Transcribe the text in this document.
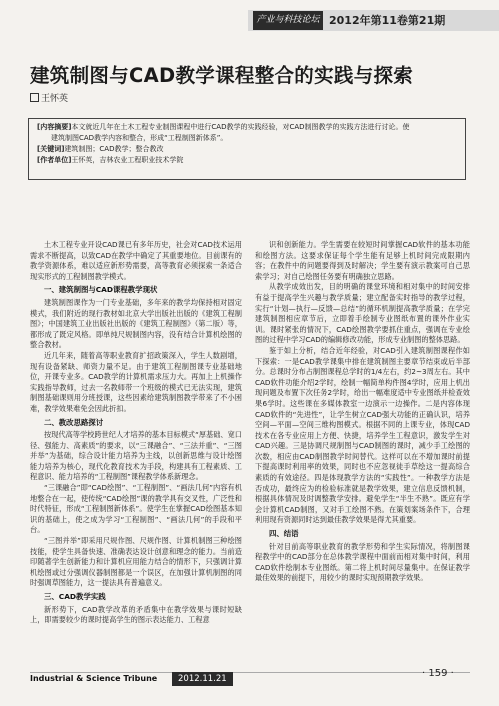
产业与科技论坛 2012年第11卷第21期
建筑制图与CAD教学课程整合的实践与探索
王怀英

[内容摘要]本文就近几年在土木工程专业制图课程中进行CAD教学的实践经验，对CAD制图教学的实践方法进行讨论。使

建筑制图CAD教学内容和整合，形成“工程制图新体系”。

[关键词]建筑制图；CAD教学；整合教改

[作者单位]王怀英，吉林农业工程职业技术学院

土木工程专业开设CAD课已有多年历史，社会对CAD技术运用需求不断提高，以致CAD在教学中确定了其重要地位。目前课有的教学资源体系，难以适应新形势需要，高等教育必须探索一条适合现实形式的工程制图教学模式。

一、建筑制图与CAD课程教学现状

建筑制图课作为一门专业基础，多年来的教学均保持相对固定模式，我们附近的现行教材如北京大学出版社出版的《建筑工程制图》；中国建筑工业出版社出版的《建筑工程制图》（第二版）等，都形成了既定风格。即单纯尺规制图内容，没有结合计算机绘图的整合教材。

近几年来，随着高等职业教育扩招政策深入，学生人数剧增，现有设备紧缺、师资力量不足。由于建筑工程制图课专业基础地位，开课专业多。CAD教学的计算机需求压力大。再加上上机操作实践指导教师，过去一名教师带一个班级的模式已无法实现，建筑制图基础课则用分班授课，这些因素给建筑制图教学带来了不小困难，教学效果难免会因此折扣。

二、教改思路探讨

按现代高等学校跨世纪人才培养的基本目标模式“厚基础、宽口径、强能力、高素质”的要求，以“三课融合”、“三法并重”、“三图并举”为基础，综合设计能力培养为主线，以创新思维与设计绘图能力培养为核心，现代化教育技术为手段，构建具有工程素质、工程意识、能力培养的“工程制图”课程教学体系新理念。

“三课融合”即“CAD绘图”、“工程制图”、“画法几何”内容有机地整合在一起，使传统“CAD绘图”课的教学具有交叉性，广泛性和时代特征，形成“工程制图新体系”。使学生在掌握CAD绘图基本知识的基础上，使之成为学习“工程制图”、“画法几何”的手段和平台。

“三图并举”即采用尺规作图、尺规作图、计算机制图三种绘图技能，使学生具备快速、准确表达设计创意和理念的能力。当前造印随著学生创新能力和计算机应用能力结合的情形下，只强调计算机绘图或过分强调仪器制图都是一个误区，在加强计算机制图的同时强调草图能力，这一提法具有普遍意义。

三、CAD教学实践

新形势下，CAD教学改革的矛盾集中在教学效果与课时短缺上，即需要较少的课时提高学生的图示表达能力、工程意

识和创新能力。学生需要在较短时间掌握CAD软件的基本功能和绘图方法。这要求保证每个学生能有足够上机时间完成限期内容；在教件中的问题要得到及时解决；学生要有演示教案可自己思索学习；对自己绘图任务要有明确独立思路。

从教学成效出发，目的明确的课堂环境和相对集中的时间安排有益于提高学生兴趣与教学质量；建立配备实时指导的教学过程，实行“计划—执行—反馈—总结”的循环机制提高教学质量；在学完建筑制图相应章节后，立即着手绘制专业图纸布置的课外作业实训。课时紧张的情况下，CAD绘图教学要抓住重点，强调在专业绘图的过程中学习CAD的编辑修改功能，形成专业制图的整体思路。

鉴于如上分析，结合近年经验，对CAD引入建筑制图课程作如下探索：一是CAD教学课集中排在建筑制图主要章节结束或后半部分。总课时分布占制图课程总学时的1/4左右，约2~3周左右。其中CAD软件功能介绍2学时，绘制一幅简单构件图4学时，应用上机出现问题及布置下次任务2学时，给出一幅难度适中专业图纸并检查效果6学时。这些课在多媒体教室一边演示一边操作。二是内容体现CAD软件的“先进性”，让学生树立CAD强大功能的正确认识，培养空间—平面—空间三维构图模式。根据不同的上课专业，体现CAD技术在各专业应用上方便、快捷，培养学生工程意识，激发学生对CAD兴趣。三是协调尺规制图与CAD制图的课时，减少手工绘图的次数，相应由CAD制图教学时间替代。这样可以在不增加课时前提下提高课时利用率的效果，同时也不应忽视徒手草绘这一提高综合素质的有效途径。四是体现教学方法的“实践性”。一种教学方法是否成功，最终应为的检验标准就是教学效果，建立信息反馈机制，根据具体情况及时调整教学安排。避免学生“半生不熟”。既应有学会计算机CAD制图，又对手工绘图不熟。在策划案场条件下，合理利用现有资源同时达到最佳教学效果是得尤其重要。

四、结语

针对目前高等职业教育的教学形势和学生实际情况，将制图课程教学中的CAD部分在总体教学课程中面前而相对集中时间，利用CAD软件绘制本专业图纸。第二将上机时间尽量集中。在保证教学最佳效果的前提下，用较少的课时实现预期教学效果。

Industrial & Science Tribune	2012.11.21	· 159 ·
